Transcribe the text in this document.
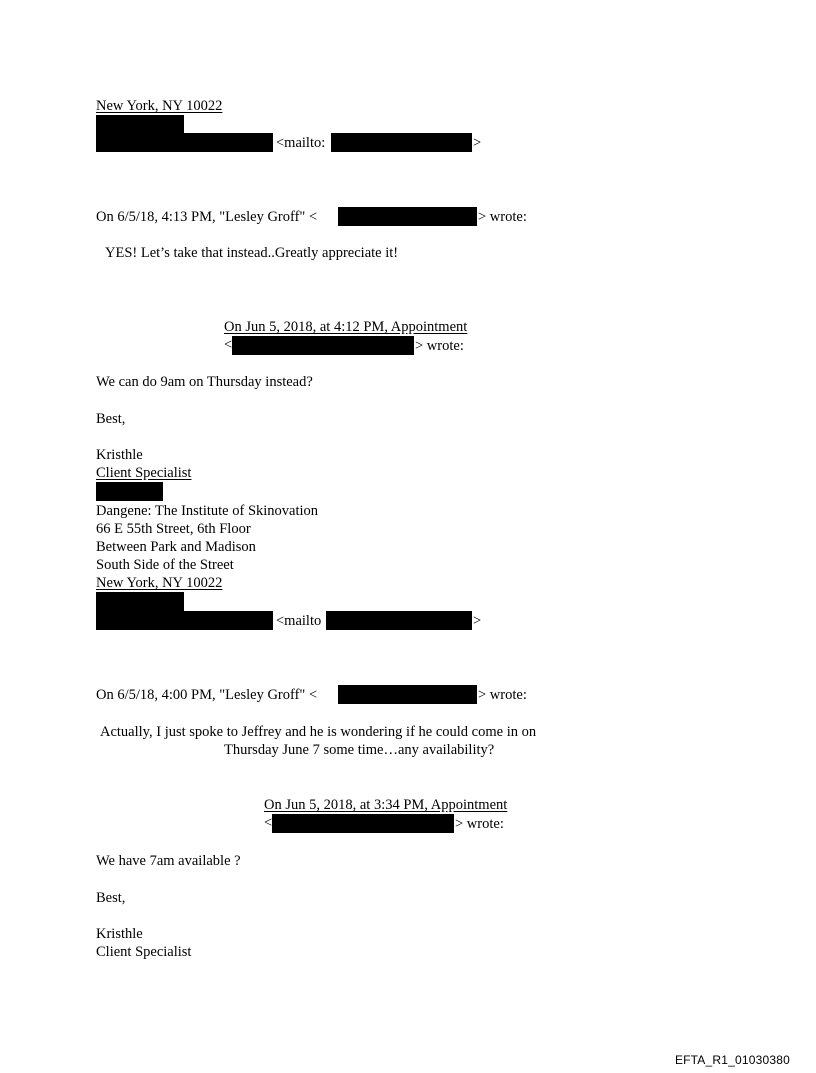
New York, NY 10022
<mailto:	>
On 6/5/18, 4:13 PM, "Lesley Groff" <	> wrote:
YES! Let’s take that instead..Greatly appreciate it!
On Jun 5, 2018, at 4:12 PM, Appointment
<	> wrote:
We can do 9am on Thursday instead?
Best,
Kristhle
Client Specialist
Dangene: The Institute of Skinovation
66 E 55th Street, 6th Floor
Between Park and Madison
South Side of the Street
New York, NY 10022
<mailto	>
On 6/5/18, 4:00 PM, "Lesley Groff" <	> wrote:
Actually, I just spoke to Jeffrey and he is wondering if he could come in on
Thursday June 7 some time…any availability?
On Jun 5, 2018, at 3:34 PM, Appointment
<	> wrote:
We have 7am available ?
Best,
Kristhle
Client Specialist
EFTA_R1_01030380
